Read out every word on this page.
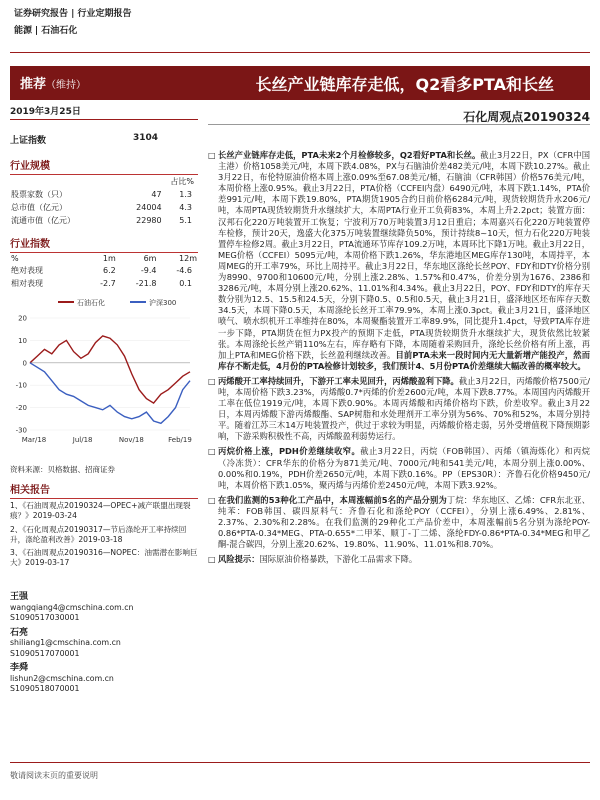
证券研究报告 | 行业定期报告
能源 | 石油石化
推荐（维持）	长丝产业链库存走低，Q2看多PTA和长丝
2019年3月25日	石化周观点20190324
上证指数	3104
行业规模
占比%
股票家数（只）	47	1.3
总市值（亿元）	24004	4.3
流通市值（亿元）	22980	5.1
行业指数
%	1m	6m	12m
绝对表现	6.2	-9.4	-4.6
相对表现	-2.7	-21.8	0.1
石油石化	沪深300
20
10
0
-10
-20
-30
Mar/18	Jul/18	Nov/18	Feb/19
资料来源：贝格数据、招商证券
相关报告
1、《石油周观点20190324—OPEC+减产联盟出现裂痕？》2019-03-24
2、《石化周观点20190317—节后涤纶开工率持续回升，涤纶盈利改善》2019-03-18
3、《石油周观点20190316—NOPEC：油需潜在影响巨大》2019-03-17
王强
wangqiang4@cmschina.com.cn
S1090517030001
石亮
shiliang1@cmschina.com.cn
S1090517070001
李舜
lishun2@cmschina.com.cn
S1090518070001
□ 长丝产业链库存走低，PTA未来2个月检修较多，Q2看好PTA和长丝。截止3月22日，PX（CFR中国主港）价格1058美元/吨，本周下跌4.08%，PX与石脑油价差482美元/吨，本周下跌10.27%。截止3月22日，布伦特原油价格本周上涨0.09%至67.08美元/桶，石脑油（CFR韩国）价格576美元/吨，本周价格上涨0.95%。截止3月22日，PTA价格（CCFEI内盘）6490元/吨，本周下跌1.14%，PTA价差991元/吨，本周下跌19.80%，PTA期货1905合约日前价格6284元/吨，现货较期货升水206元/吨，本周PTA现货较期货升水继续扩大，本周PTA行业开工负荷83%，本周上升2.2pct；装置方面：汉邦石化220万吨装置开工恢复；宁波利万70万吨装置3月12日重启；本周嘉兴石化220万吨装置停车检修，预计20天，逸盛大化375万吨装置继续降负50%，预计持续8~10天，恒力石化220万吨装置停车检修2周。截止3月22日，PTA流通环节库存109.2万吨，本周环比下降1万吨。截止3月22日，MEG价格（CCFEI）5095元/吨，本周价格下跌1.26%，华东港地区MEG库存130吨，本周持平，本周MEG的开工率79%，环比上周持平。截止3月22日，华东地区涤纶长丝POY、FDY和DTY价格分别为8990、9700和10600元/吨，分别上涨2.28%、1.57%和0.47%，价差分别为1676、2386和3286元/吨，本周分别上涨20.62%、11.01%和4.34%。截止3月22日，POY、FDY和DTY的库存天数分别为12.5、15.5和24.5天，分别下降0.5、0.5和0.5天，截止3月21日，盛泽地区坯布库存天数34.5天，本周下降0.5天，本周涤纶长丝开工率79.9%，本周上涨0.3pct。截止3月21日，盛泽地区喷气、喷水织机开工率维持在80%，本周聚酯装置开工率89.9%，同比提升1.4pct，导致PTA库存进一步下降，PTA期货在恒力PX投产的预期下走低，PTA现货较期货升水继续扩大，现货依然比较紧张。本周涤纶长丝产销110%左右，库存略有下降，本周随着采购回升，涤纶长丝价格有所上涨，再加上PTA和MEG价格下跌，长丝盈利继续改善。目前PTA未来一段时间内无大量新增产能投产，然而库存不断走低，4月份的PTA检修计划较多，我们预计4、5月份PTA价差继续大幅改善的概率较大。
□ 丙烯酸开工率持续回升，下游开工率未见回升，丙烯酸盈利下降。截止3月22日，丙烯酸价格7500元/吨，本周价格下跌3.23%，丙烯酸0.7*丙烯的价差2600元/吨，本周下跌8.77%。本周国内丙烯酸开工率在低位1919元/吨，本周下跌0.90%。本周丙烯酸和丙烯价格均下跌，价差收窄。截止3月22日，本周丙烯酸下游丙烯酸酯、SAP树脂和水处理剂开工率分别为56%、70%和52%，本周分别持平。随着江苏三木14万吨装置投产，供过于求较为明显，丙烯酸价格走弱，另外受增值税下降预期影响，下游采购积极性不高，丙烯酸盈利弱势运行。
□ 丙烷价格上涨，PDH价差继续收窄。截止3月22日，丙烷（FOB韩国）、丙烯（镇海炼化）和丙烷（冷冻货）：CFR华东的价格分为871美元/吨、7000元/吨和541美元/吨，本周分别上涨0.00%、0.00%和0.19%，PDH价差2650元/吨，本周下跌0.16%。PP（EPS30R）：齐鲁石化价格9450元/吨，本周价格下跌1.05%，聚丙烯与丙烯价差2450元/吨，本周下跌3.92%。
□ 在我们监测的53种化工产品中，本周涨幅前5名的产品分别为丁烷：华东地区、乙烯：CFR东北亚、纯苯：FOB韩国、碳四原料气：齐鲁石化和涤纶POY（CCFEI），分别上涨6.49%、2.81%、2.37%、2.30%和2.28%。在我们监测的29种化工产品价差中，本周涨幅前5名分别为涤纶POY-0.86*PTA-0.34*MEG、PTA-0.655*二甲苯、顺丁-丁二烯、涤纶FDY-0.86*PTA-0.34*MEG和甲乙酮-混合碳四，分别上涨20.62%、19.80%、11.90%、11.01%和8.70%。
□ 风险提示：国际原油价格暴跌，下游化工品需求下降。
敬请阅读末页的重要说明
